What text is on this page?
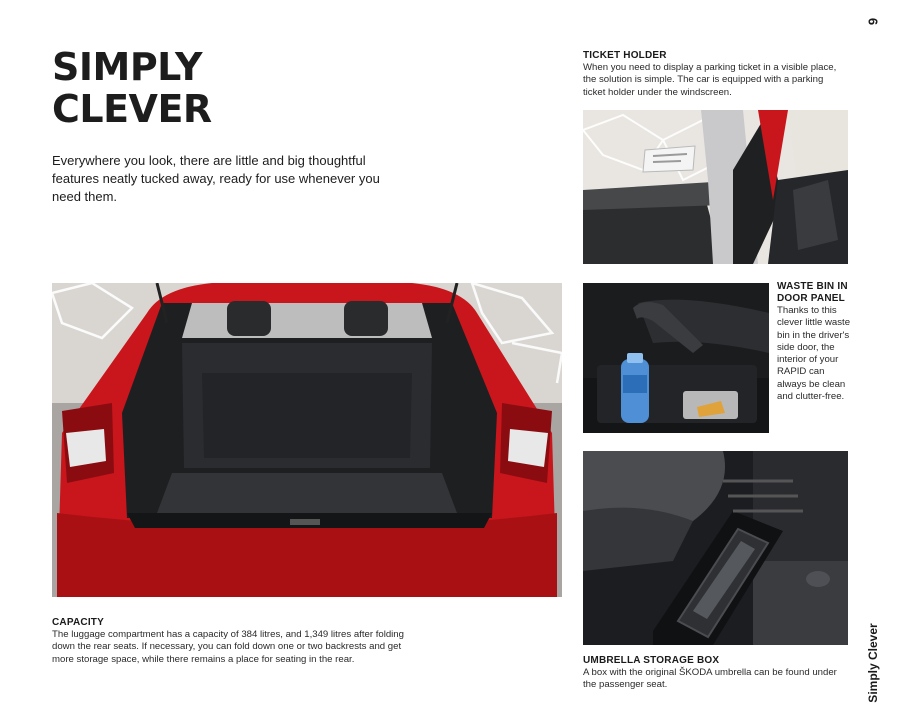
6
SIMPLY
CLEVER

Everywhere you look, there are little and big thoughtful features neatly tucked away, ready for use whenever you need them.

TICKET HOLDER

When you need to display a parking ticket in a visible place, the solution is simple. The car is equipped with a parking ticket holder under the windscreen.

WASTE BIN IN
DOOR PANEL

Thanks to this clever little waste bin in the driver's side door, the interior of your RAPID can always be clean and clutter-free.

CAPACITY

The luggage compartment has a capacity of 384 litres, and 1,349 litres after folding down the rear seats. If necessary, you can fold down one or two backrests and get more storage space, while there remains a place for seating in the rear.	UMBRELLA STORAGE BOX

A box with the original ŠKODA umbrella can be found under the passenger seat.	Simply Clever
